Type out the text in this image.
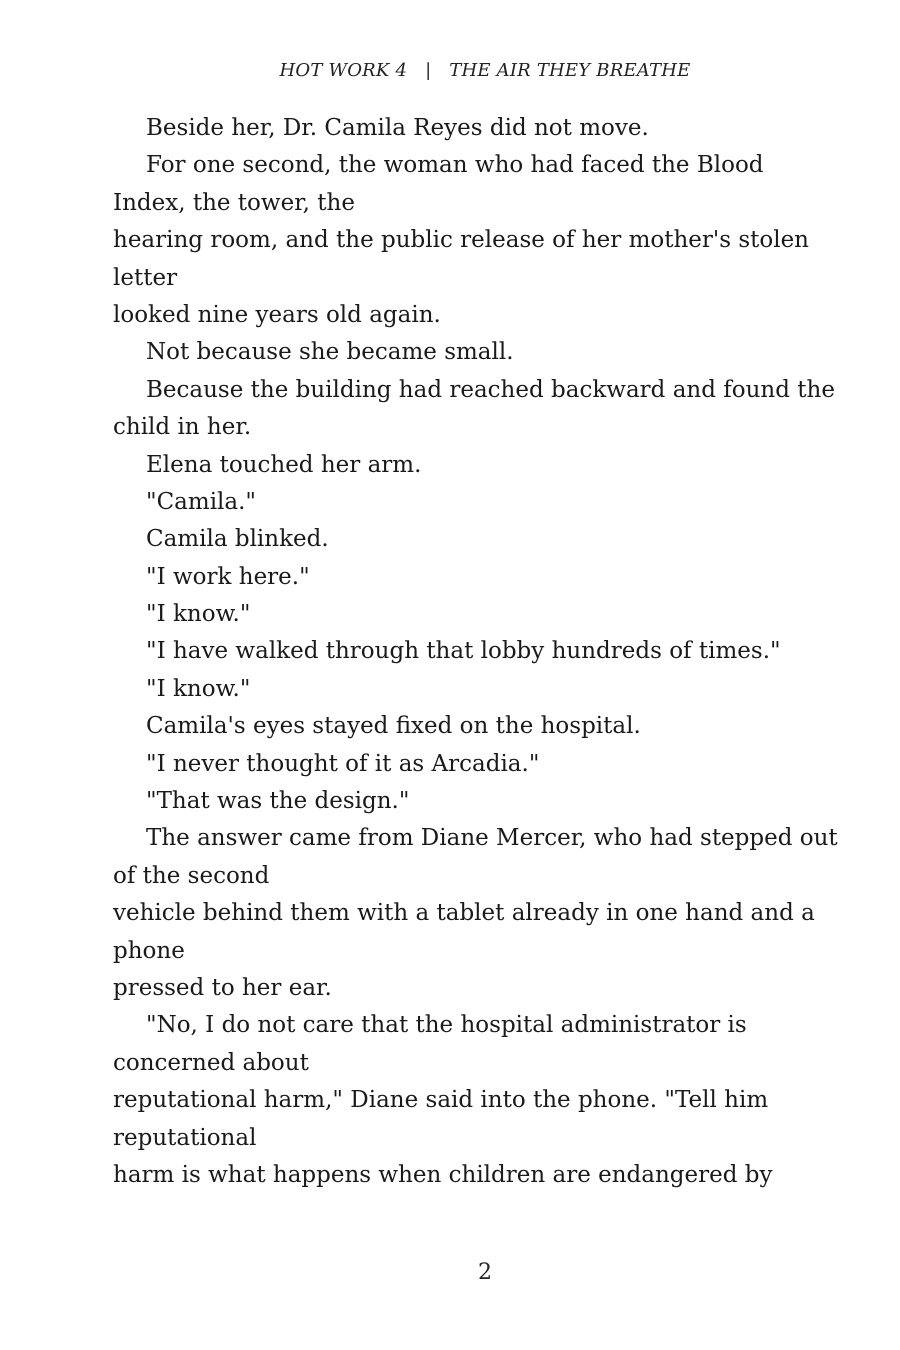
HOT WORK 4 | THE AIR THEY BREATHE
Beside her, Dr. Camila Reyes did not move.
For one second, the woman who had faced the Blood
Index, the tower, the
hearing room, and the public release of her mother's stolen
letter
looked nine years old again.
Not because she became small.
Because the building had reached backward and found the
child in her.
Elena touched her arm.
"Camila."
Camila blinked.
"I work here."
"I know."
"I have walked through that lobby hundreds of times."
"I know."
Camila's eyes stayed fixed on the hospital.
"I never thought of it as Arcadia."
"That was the design."
The answer came from Diane Mercer, who had stepped out
of the second
vehicle behind them with a tablet already in one hand and a
phone
pressed to her ear.
"No, I do not care that the hospital administrator is
concerned about
reputational harm," Diane said into the phone. "Tell him
reputational
harm is what happens when children are endangered by
2
